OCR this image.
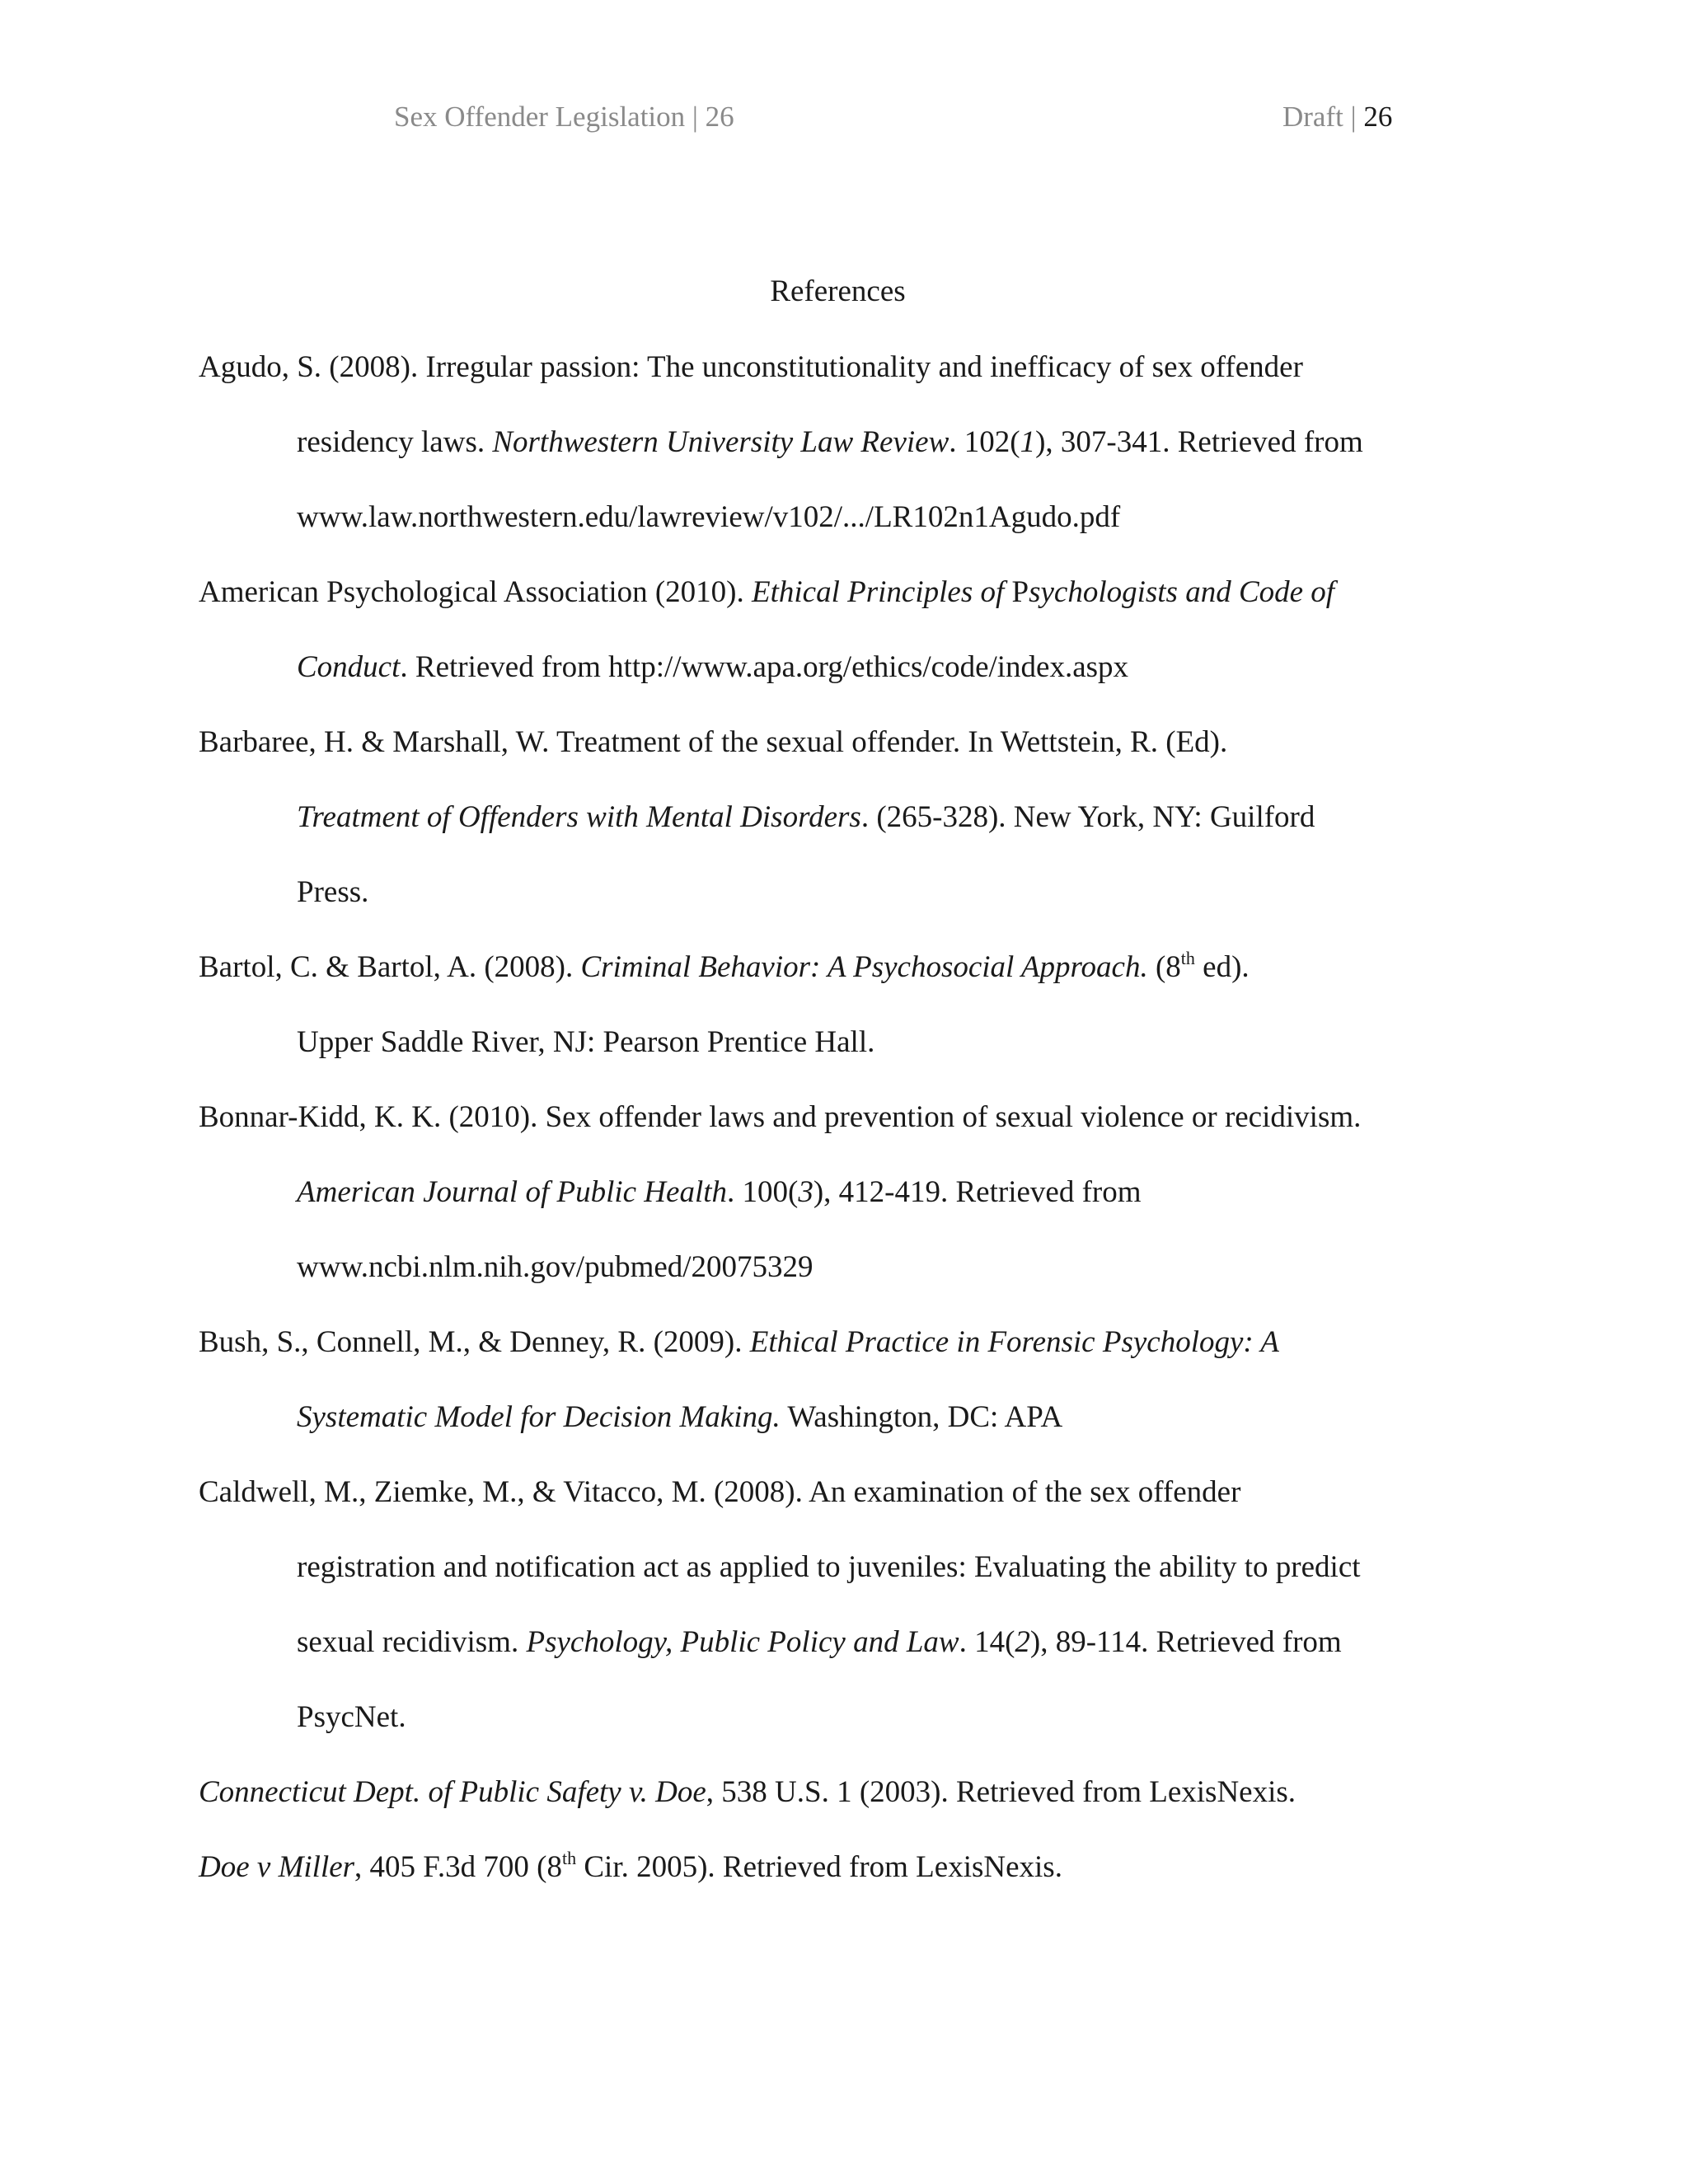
Sex Offender Legislation | 26	Draft | 26
References
Agudo, S. (2008). Irregular passion: The unconstitutionality and inefficacy of sex offender
residency laws. Northwestern University Law Review. 102(1), 307-341. Retrieved from
www.law.northwestern.edu/lawreview/v102/.../LR102n1Agudo.pdf
American Psychological Association (2010). Ethical Principles of Psychologists and Code of
Conduct. Retrieved from http://www.apa.org/ethics/code/index.aspx
Barbaree, H. & Marshall, W. Treatment of the sexual offender. In Wettstein, R. (Ed).
Treatment of Offenders with Mental Disorders. (265-328). New York, NY: Guilford
Press.
Bartol, C. & Bartol, A. (2008). Criminal Behavior: A Psychosocial Approach. (8th ed).
Upper Saddle River, NJ: Pearson Prentice Hall.
Bonnar-Kidd, K. K. (2010). Sex offender laws and prevention of sexual violence or recidivism.
American Journal of Public Health. 100(3), 412-419. Retrieved from
www.ncbi.nlm.nih.gov/pubmed/20075329
Bush, S., Connell, M., & Denney, R. (2009). Ethical Practice in Forensic Psychology: A
Systematic Model for Decision Making. Washington, DC: APA
Caldwell, M., Ziemke, M., & Vitacco, M. (2008). An examination of the sex offender
registration and notification act as applied to juveniles: Evaluating the ability to predict
sexual recidivism. Psychology, Public Policy and Law. 14(2), 89-114. Retrieved from
PsycNet.
Connecticut Dept. of Public Safety v. Doe, 538 U.S. 1 (2003). Retrieved from LexisNexis.
Doe v Miller, 405 F.3d 700 (8th Cir. 2005). Retrieved from LexisNexis.
